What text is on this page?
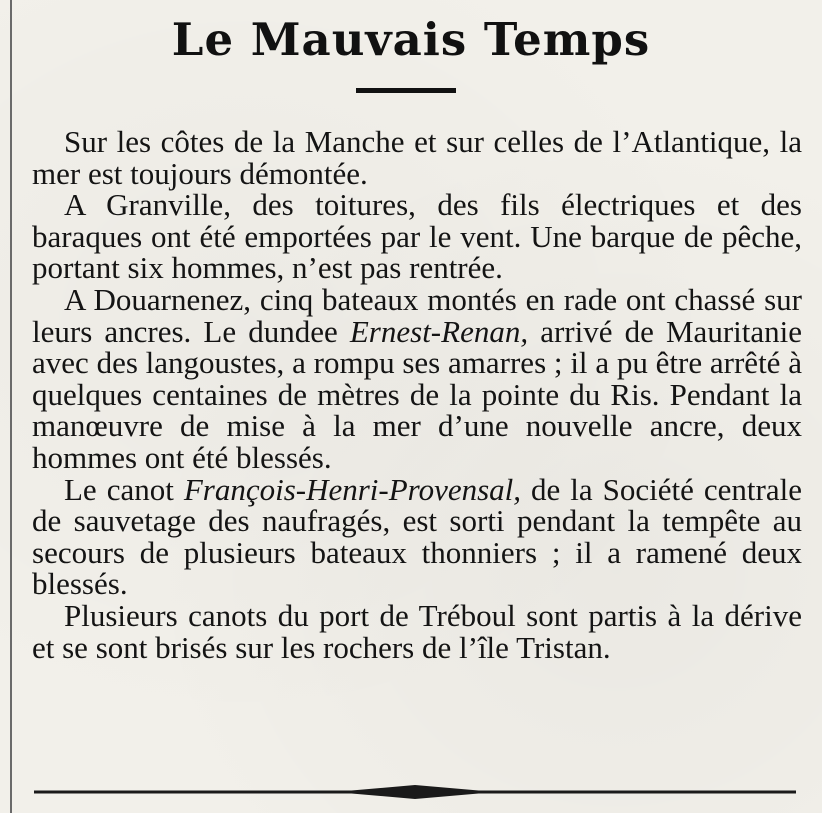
Le Mauvais Temps

Sur les côtes de la Manche et sur celles de l’Atlantique, la mer est toujours démontée.

A Granville, des toitures, des fils électriques et des baraques ont été emportées par le vent. Une barque de pêche, portant six hommes, n’est pas rentrée.

A Douarnenez, cinq bateaux montés en rade ont chassé sur leurs ancres. Le dundee Ernest-Renan, arrivé de Mauritanie avec des langoustes, a rompu ses amarres ; il a pu être arrêté à quelques centaines de mètres de la pointe du Ris. Pendant la manœuvre de mise à la mer d’une nouvelle ancre, deux hommes ont été blessés.

Le canot François-Henri-Provensal, de la Société centrale de sauvetage des naufragés, est sorti pendant la tempête au secours de plusieurs bateaux thonniers ; il a ramené deux blessés.

Plusieurs canots du port de Tréboul sont partis à la dérive et se sont brisés sur les rochers de l’île Tristan.
